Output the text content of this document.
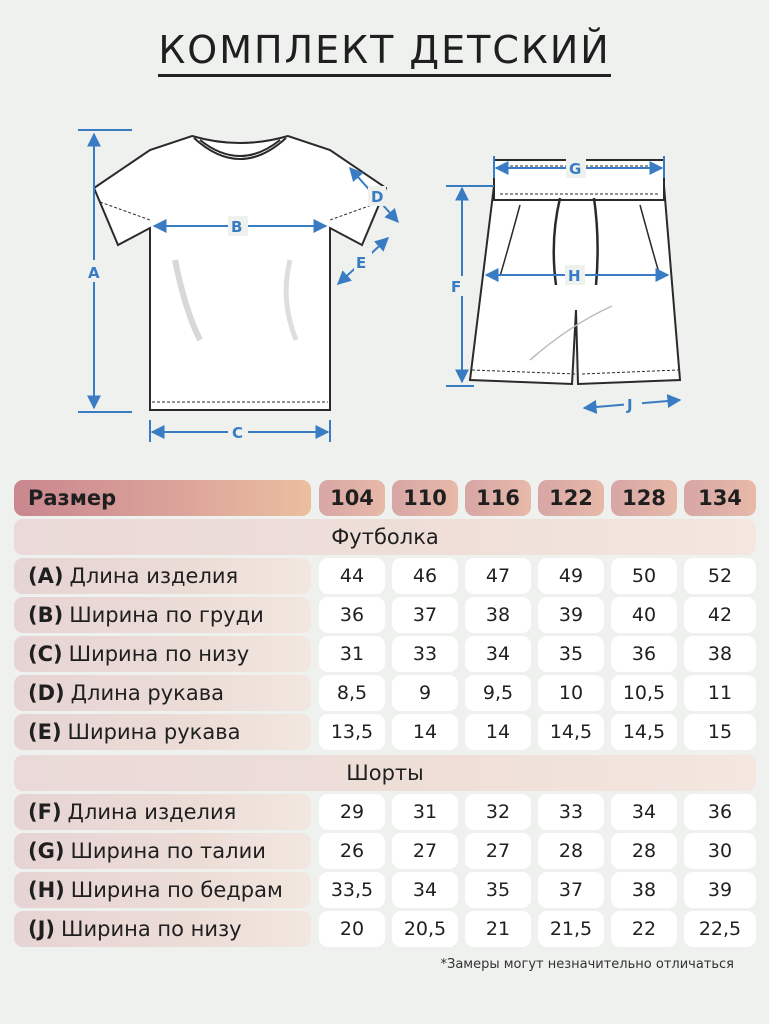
КОМПЛЕКТ ДЕТСКИЙ
A
B
C
D
E
F
G
H
J
Размер	104	110	116	122	128	134
Футболка
(A) Длина изделия	44	46	47	49	50	52
(B) Ширина по груди	36	37	38	39	40	42
(C) Ширина по низу	31	33	34	35	36	38
(D) Длина рукава	8,5	9	9,5	10	10,5	11
(E) Ширина рукава	13,5	14	14	14,5	14,5	15
Шорты
(F) Длина изделия	29	31	32	33	34	36
(G) Ширина по талии	26	27	27	28	28	30
(H) Ширина по бедрам	33,5	34	35	37	38	39
(J) Ширина по низу	20	20,5	21	21,5	22	22,5
*Замеры могут незначительно отличаться
